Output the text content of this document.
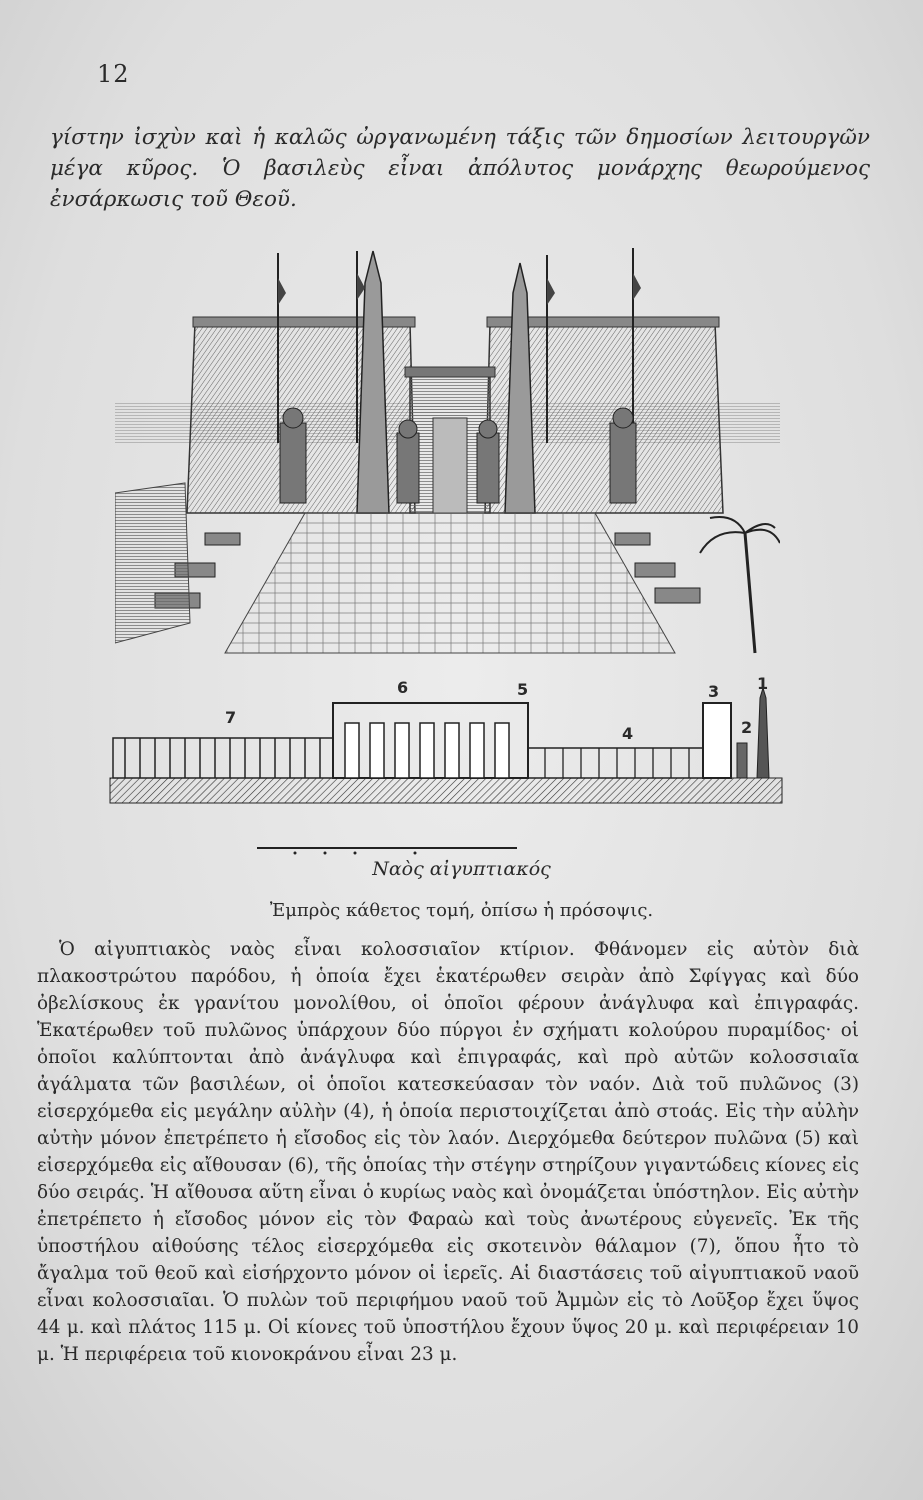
12

γίστην ἰσχὺν καὶ ἡ καλῶς ὠργανωμένη τάξις τῶν δημοσίων λειτουργῶν μέγα κῦρος. Ὁ βασιλεὺς εἶναι ἀπόλυτος μονάρχης θεωρούμενος ἐνσάρκωσις τοῦ Θεοῦ.

1
2
3
4
5
6
7
Ναὸς αἰγυπτιακός
Ἐμπρὸς κάθετος τομή, ὀπίσω ἡ πρόσοψις.

Ὁ αἰγυπτιακὸς ναὸς εἶναι κολοσσιαῖον κτίριον. Φθάνομεν εἰς αὐτὸν διὰ πλακοστρώτου παρόδου, ἡ ὁποία ἔχει ἑκατέρωθεν σειρὰν ἀπὸ Σφίγγας καὶ δύο ὀβελίσκους ἐκ γρανίτου μονολίθου, οἱ ὁποῖοι φέρουν ἀνάγλυφα καὶ ἐπιγραφάς. Ἑκατέρωθεν τοῦ πυλῶνος ὑπάρχουν δύο πύργοι ἐν σχήματι κολούρου πυραμίδος· οἱ ὁποῖοι καλύπτονται ἀπὸ ἀνάγλυφα καὶ ἐπιγραφάς, καὶ πρὸ αὐτῶν κολοσσιαῖα ἀγάλματα τῶν βασιλέων, οἱ ὁποῖοι κατεσκεύασαν τὸν ναόν. Διὰ τοῦ πυλῶνος (3) εἰσερχόμεθα εἰς μεγάλην αὐλὴν (4), ἡ ὁποία περιστοιχίζεται ἀπὸ στοάς. Εἰς τὴν αὐλὴν αὐτὴν μόνον ἐπετρέπετο ἡ εἴσοδος εἰς τὸν λαόν. Διερχόμεθα δεύτερον πυλῶνα (5) καὶ εἰσερχόμεθα εἰς αἴθουσαν (6), τῆς ὁποίας τὴν στέγην στηρίζουν γιγαντώδεις κίονες εἰς δύο σειράς. Ἡ αἴθουσα αὕτη εἶναι ὁ κυρίως ναὸς καὶ ὀνομάζεται ὑπόστηλον. Εἰς αὐτὴν ἐπετρέπετο ἡ εἴσοδος μόνον εἰς τὸν Φαραὼ καὶ τοὺς ἀνωτέρους εὐγενεῖς. Ἐκ τῆς ὑποστήλου αἰθούσης τέλος εἰσερχόμεθα εἰς σκοτεινὸν θάλαμον (7), ὅπου ἦτο τὸ ἄγαλμα τοῦ θεοῦ καὶ εἰσήρχοντο μόνον οἱ ἱερεῖς. Αἱ διαστάσεις τοῦ αἰγυπτιακοῦ ναοῦ εἶναι κολοσσιαῖαι. Ὁ πυλὼν τοῦ περιφήμου ναοῦ τοῦ Ἀμμὼν εἰς τὸ Λοῦξορ ἔχει ὕψος 44 μ. καὶ πλάτος 115 μ. Οἱ κίονες τοῦ ὑποστήλου ἔχουν ὕψος 20 μ. καὶ περιφέρειαν 10 μ. Ἡ περιφέρεια τοῦ κιονοκράνου εἶναι 23 μ.
